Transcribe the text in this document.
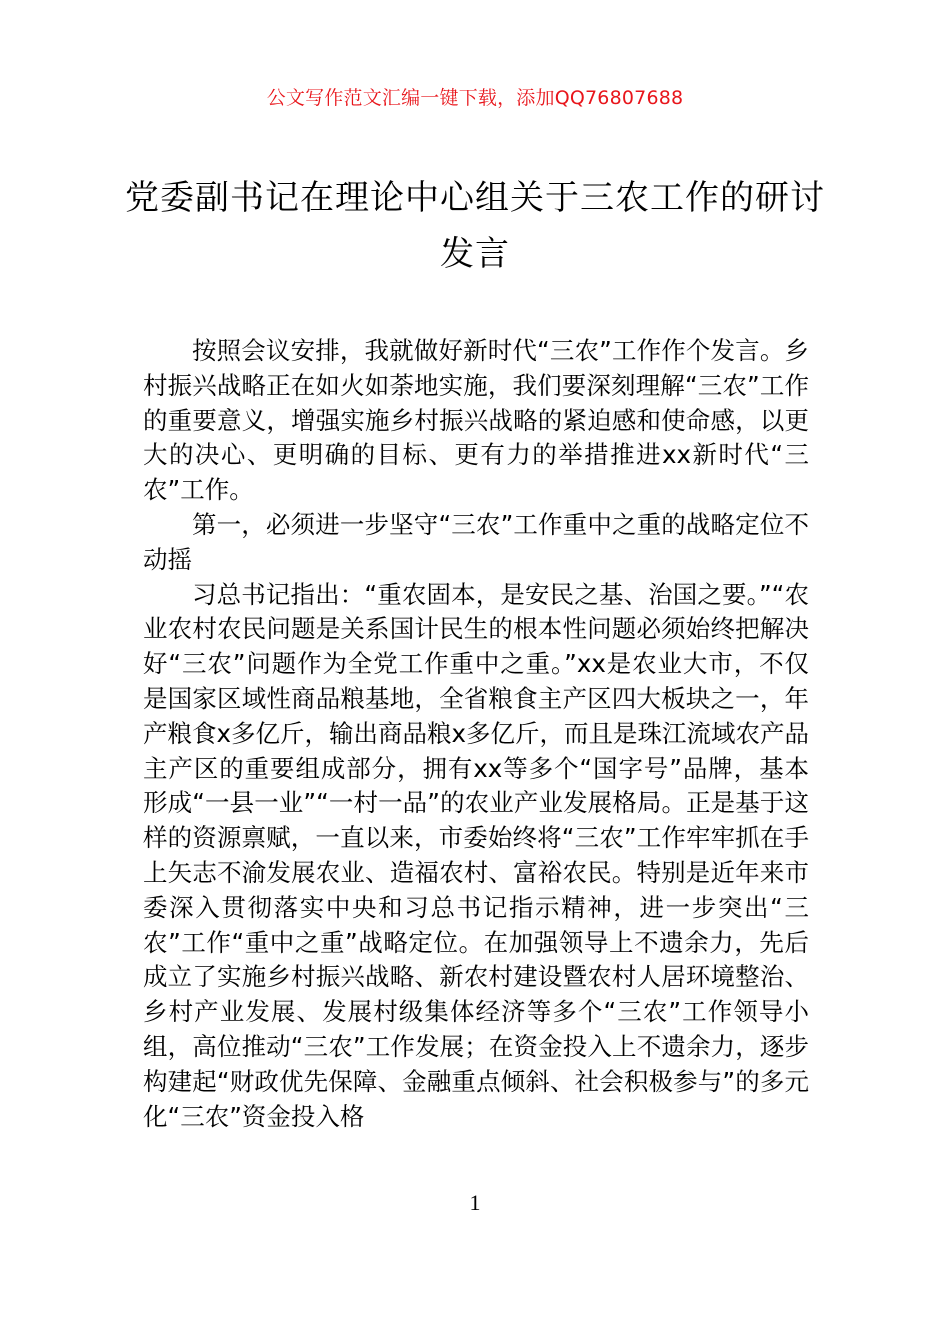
公文写作范文汇编一键下载，添加QQ76807688
党委副书记在理论中心组关于三农工作的研讨发言

按照会议安排，我就做好新时代“三农”工作作个发言。乡村振兴战略正在如火如荼地实施，我们要深刻理解“三农”工作的重要意义，增强实施乡村振兴战略的紧迫感和使命感，以更大的决心、更明确的目标、更有力的举措推进xx新时代“三农”工作。

第一，必须进一步坚守“三农”工作重中之重的战略定位不动摇

习总书记指出：“重农固本，是安民之基、治国之要。”“农业农村农民问题是关系国计民生的根本性问题必须始终把解决好“三农”问题作为全党工作重中之重。”xx是农业大市，不仅是国家区域性商品粮基地，全省粮食主产区四大板块之一，年产粮食x多亿斤，输出商品粮x多亿斤，而且是珠江流域农产品主产区的重要组成部分，拥有xx等多个“国字号”品牌，基本形成“一县一业”“一村一品”的农业产业发展格局。正是基于这样的资源禀赋，一直以来，市委始终将“三农”工作牢牢抓在手上矢志不渝发展农业、造福农村、富裕农民。特别是近年来市委深入贯彻落实中央和习总书记指示精神，进一步突出“三农”工作“重中之重”战略定位。在加强领导上不遗余力，先后成立了实施乡村振兴战略、新农村建设暨农村人居环境整治、乡村产业发展、发展村级集体经济等多个“三农”工作领导小组，高位推动“三农”工作发展；在资金投入上不遗余力，逐步构建起“财政优先保障、金融重点倾斜、社会积极参与”的多元化“三农”资金投入格

1
